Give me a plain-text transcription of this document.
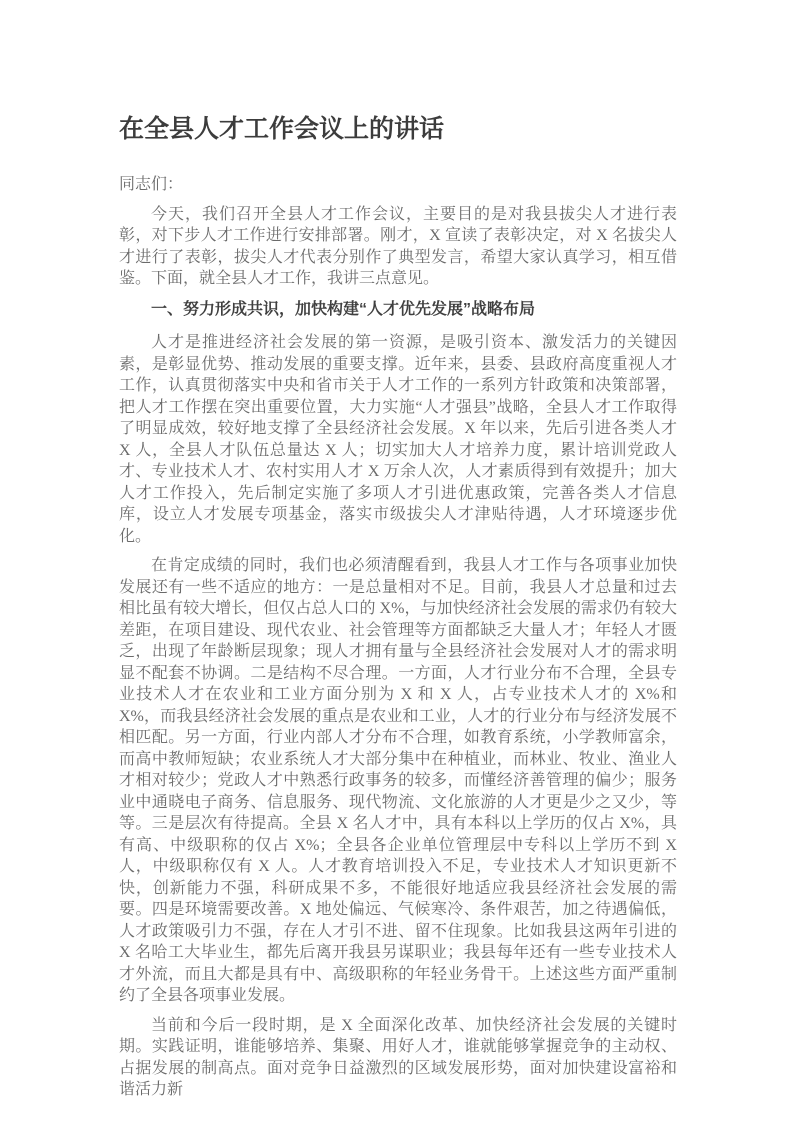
在全县人才工作会议上的讲话

同志们：

今天，我们召开全县人才工作会议，主要目的是对我县拔尖人才进行表彰，对下步人才工作进行安排部署。刚才，X 宣读了表彰决定，对 X 名拔尖人才进行了表彰，拔尖人才代表分别作了典型发言，希望大家认真学习，相互借鉴。下面，就全县人才工作，我讲三点意见。

一、努力形成共识，加快构建“人才优先发展”战略布局

人才是推进经济社会发展的第一资源，是吸引资本、激发活力的关键因素，是彰显优势、推动发展的重要支撑。近年来，县委、县政府高度重视人才工作，认真贯彻落实中央和省市关于人才工作的一系列方针政策和决策部署，把人才工作摆在突出重要位置，大力实施“人才强县”战略，全县人才工作取得了明显成效，较好地支撑了全县经济社会发展。X 年以来，先后引进各类人才 X 人，全县人才队伍总量达 X 人；切实加大人才培养力度，累计培训党政人才、专业技术人才、农村实用人才 X 万余人次，人才素质得到有效提升；加大人才工作投入，先后制定实施了多项人才引进优惠政策，完善各类人才信息库，设立人才发展专项基金，落实市级拔尖人才津贴待遇，人才环境逐步优化。

在肯定成绩的同时，我们也必须清醒看到，我县人才工作与各项事业加快发展还有一些不适应的地方：一是总量相对不足。目前，我县人才总量和过去相比虽有较大增长，但仅占总人口的 X%，与加快经济社会发展的需求仍有较大差距，在项目建设、现代农业、社会管理等方面都缺乏大量人才；年轻人才匮乏，出现了年龄断层现象；现人才拥有量与全县经济社会发展对人才的需求明显不配套不协调。二是结构不尽合理。一方面，人才行业分布不合理，全县专业技术人才在农业和工业方面分别为 X 和 X 人，占专业技术人才的 X%和 X%，而我县经济社会发展的重点是农业和工业，人才的行业分布与经济发展不相匹配。另一方面，行业内部人才分布不合理，如教育系统，小学教师富余，而高中教师短缺；农业系统人才大部分集中在种植业，而林业、牧业、渔业人才相对较少；党政人才中熟悉行政事务的较多，而懂经济善管理的偏少；服务业中通晓电子商务、信息服务、现代物流、文化旅游的人才更是少之又少，等等。三是层次有待提高。全县 X 名人才中，具有本科以上学历的仅占 X%，具有高、中级职称的仅占 X%；全县各企业单位管理层中专科以上学历不到 X 人，中级职称仅有 X 人。人才教育培训投入不足，专业技术人才知识更新不快，创新能力不强，科研成果不多，不能很好地适应我县经济社会发展的需要。四是环境需要改善。X 地处偏远、气候寒冷、条件艰苦，加之待遇偏低，人才政策吸引力不强，存在人才引不进、留不住现象。比如我县这两年引进的 X 名哈工大毕业生，都先后离开我县另谋职业；我县每年还有一些专业技术人才外流，而且大都是具有中、高级职称的年轻业务骨干。上述这些方面严重制约了全县各项事业发展。

当前和今后一段时期，是 X 全面深化改革、加快经济社会发展的关键时期。实践证明，谁能够培养、集聚、用好人才，谁就能够掌握竞争的主动权、占据发展的制高点。面对竞争日益激烈的区域发展形势，面对加快建设富裕和谐活力新
